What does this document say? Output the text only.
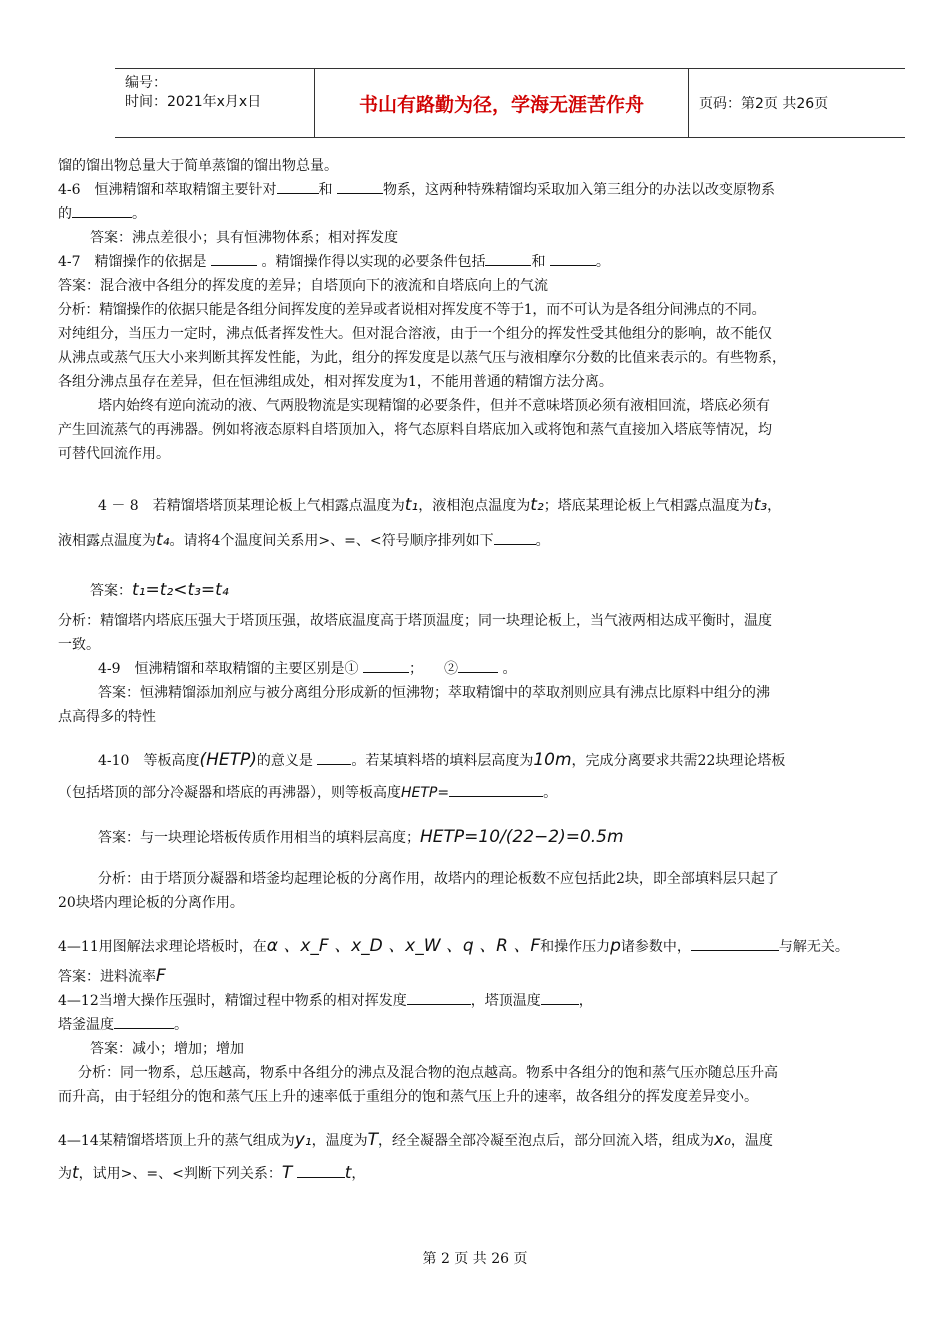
编号：
时间：2021年x月x日	书山有路勤为径，学海无涯苦作舟	页码：第2页 共26页

馏的馏出物总量大于简单蒸馏的馏出物总量。

4-6　恒沸精馏和萃取精馏主要针对	和	物系，这两种特殊精馏均采取加入第三组分的办法以改变原物系

的	。

答案：沸点差很小；具有恒沸物体系；相对挥发度

4-7　精馏操作的依据是	。精馏操作得以实现的必要条件包括	和	。

答案：混合液中各组分的挥发度的差异；自塔顶向下的液流和自塔底向上的气流

分析：精馏操作的依据只能是各组分间挥发度的差异或者说相对挥发度不等于1，而不可认为是各组分间沸点的不同。

对纯组分，当压力一定时，沸点低者挥发性大。但对混合溶液，由于一个组分的挥发性受其他组分的影响，故不能仅

从沸点或蒸气压大小来判断其挥发性能，为此，组分的挥发度是以蒸气压与液相摩尔分数的比值来表示的。有些物系，

各组分沸点虽存在差异，但在恒沸组成处，相对挥发度为1，不能用普通的精馏方法分离。

塔内始终有逆向流动的液、气两股物流是实现精馏的必要条件，但并不意味塔顶必须有液相回流，塔底必须有

产生回流蒸气的再沸器。例如将液态原料自塔顶加入，将气态原料自塔底加入或将饱和蒸气直接加入塔底等情况，均

可替代回流作用。

4 － 8　若精馏塔塔顶某理论板上气相露点温度为t₁，液相泡点温度为t₂；塔底某理论板上气相露点温度为t₃，

液相露点温度为t₄。请将4个温度间关系用>、=、<符号顺序排列如下	。

答案：t₁=t₂<t₃=t₄

分析：精馏塔内塔底压强大于塔顶压强，故塔底温度高于塔顶温度；同一块理论板上，当气液两相达成平衡时，温度

一致。

4-9　恒沸精馏和萃取精馏的主要区别是①	；　　②	。

答案：恒沸精馏添加剂应与被分离组分形成新的恒沸物；萃取精馏中的萃取剂则应具有沸点比原料中组分的沸

点高得多的特性

4-10　等板高度(HETP)的意义是	。若某填料塔的填料层高度为10m，完成分离要求共需22块理论塔板

（包括塔顶的部分冷凝器和塔底的再沸器），则等板高度HETP=	。

答案：与一块理论塔板传质作用相当的填料层高度；HETP=10/(22−2)=0.5m

分析：由于塔顶分凝器和塔釜均起理论板的分离作用，故塔内的理论板数不应包括此2块，即全部填料层只起了

20块塔内理论板的分离作用。

4—11用图解法求理论塔板时，在α 、x_F 、x_D 、x_W 、q 、R 、F和操作压力p诸参数中，	与解无关。

答案：进料流率F

4—12当增大操作压强时，精馏过程中物系的相对挥发度	，塔顶温度	，

塔釜温度	。

答案：减小；增加；增加

分析：同一物系，总压越高，物系中各组分的沸点及混合物的泡点越高。物系中各组分的饱和蒸气压亦随总压升高

而升高，由于轻组分的饱和蒸气压上升的速率低于重组分的饱和蒸气压上升的速率，故各组分的挥发度差异变小。

4—14某精馏塔塔顶上升的蒸气组成为y₁，温度为T，经全凝器全部冷凝至泡点后，部分回流入塔，组成为x₀，温度

为t，试用>、=、<判断下列关系：T	t，

第 2 页 共 26 页
